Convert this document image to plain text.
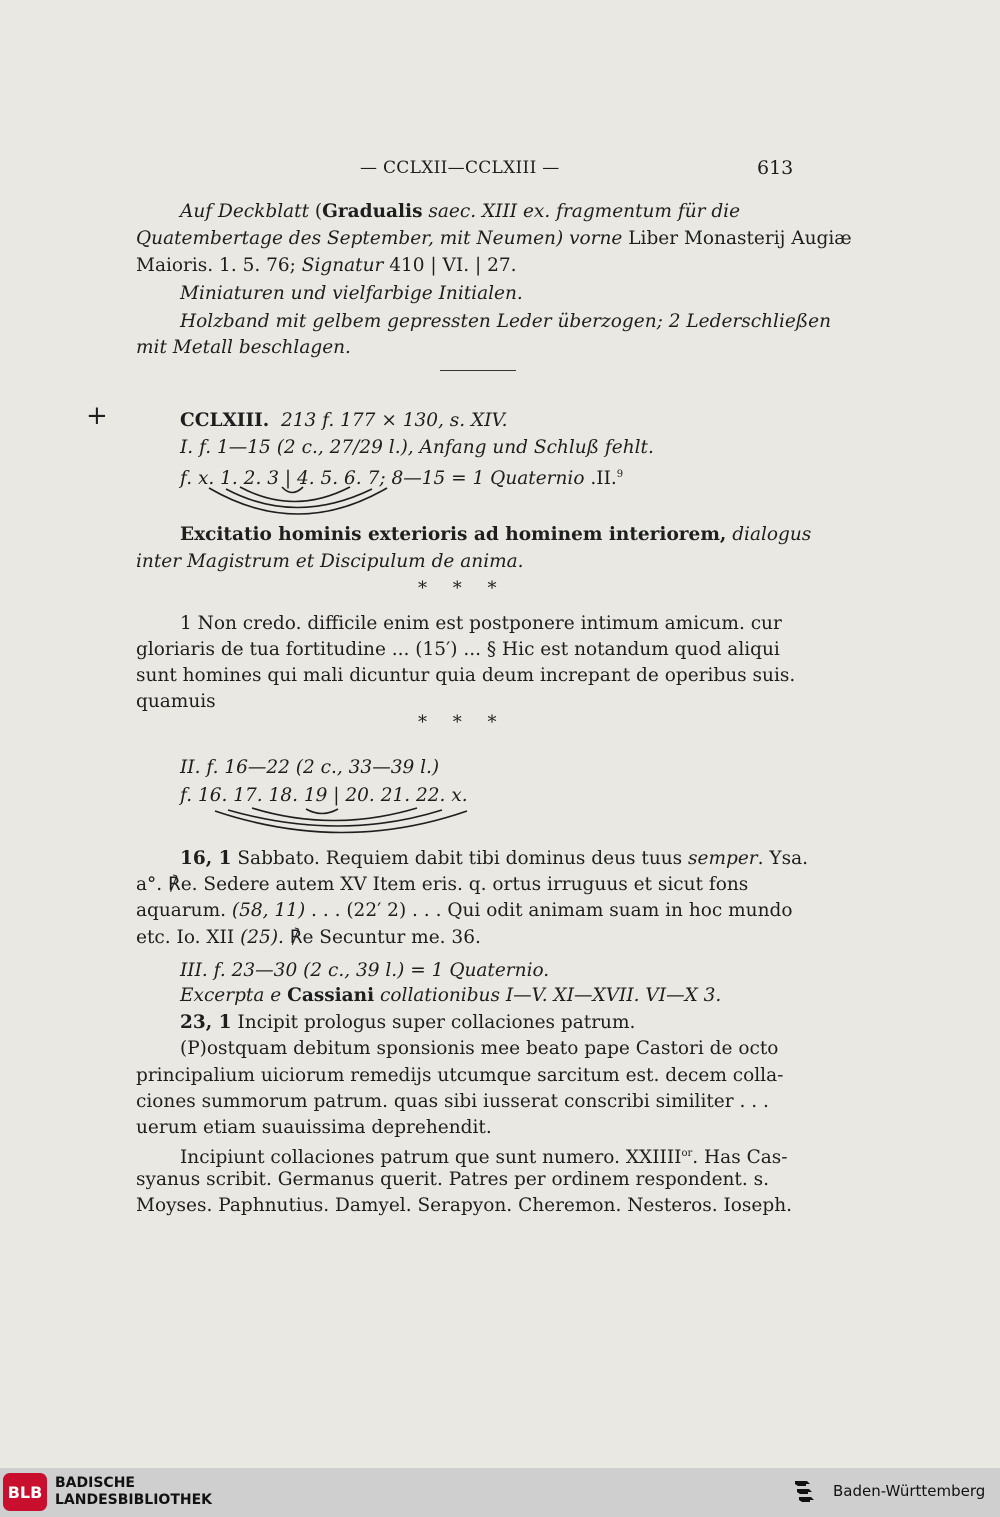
— CCLXII—CCLXIII —	613
Auf Deckblatt (Gradualis saec. XIII ex. fragmentum für die
Quatembertage des September, mit Neumen) vorne Liber Monasterij Augiæ
Maioris. 1. 5. 76; Signatur 410 | VI. | 27.
Miniaturen und vielfarbige Initialen.
Holzband mit gelbem gepressten Leder überzogen; 2 Lederschließen
mit Metall beschlagen.
+	CCLXIII. 213 f. 177 ⨯ 130, s. XIV.
I. f. 1—15 (2 c., 27/29 l.), Anfang und Schluß fehlt.
f. x. 1. 2. 3 | 4. 5. 6. 7; 8—15 = 1 Quaternio .II.$^9$
Excitatio hominis exterioris ad hominem interiorem, dialogus
inter Magistrum et Discipulum de anima.
* * *
1 Non credo. difficile enim est postponere intimum amicum. cur
gloriaris de tua fortitudine ... (15′) ... § Hic est notandum quod aliqui
sunt homines qui mali dicuntur quia deum increpant de operibus suis.
quamuis
* * *
II. f. 16—22 (2 c., 33—39 l.)
f. 16. 17. 18. 19 | 20. 21. 22. x.
16, 1 Sabbato. Requiem dabit tibi dominus deus tuus semper. Ysa.
a°. ℟e. Sedere autem XV Item eris. q. ortus irruguus et sicut fons
aquarum. (58, 11) . . . (22′ 2) . . . Qui odit animam suam in hoc mundo
etc. Io. XII (25). ℟e Secuntur me. 36.
III. f. 23—30 (2 c., 39 l.) = 1 Quaternio.
Excerpta e Cassiani collationibus I—V. XI—XVII. VI—X 3.
23, 1 Incipit prologus super collaciones patrum.
(P)ostquam debitum sponsionis mee beato pape Castori de octo
principalium uiciorum remedijs utcumque sarcitum est. decem colla-
ciones summorum patrum. quas sibi iusserat conscribi similiter . . .
uerum etiam suauissima deprehendit.
Incipiunt collaciones patrum que sunt numero. $XXIIII^{or}$. Has Cas-
syanus scribit. Germanus querit. Patres per ordinem respondent. s.
Moyses. Paphnutius. Damyel. Serapyon. Cheremon. Nesteros. Ioseph.
BLB BADISCHE
LANDESBIBLIOTHEK	Baden-Württemberg
